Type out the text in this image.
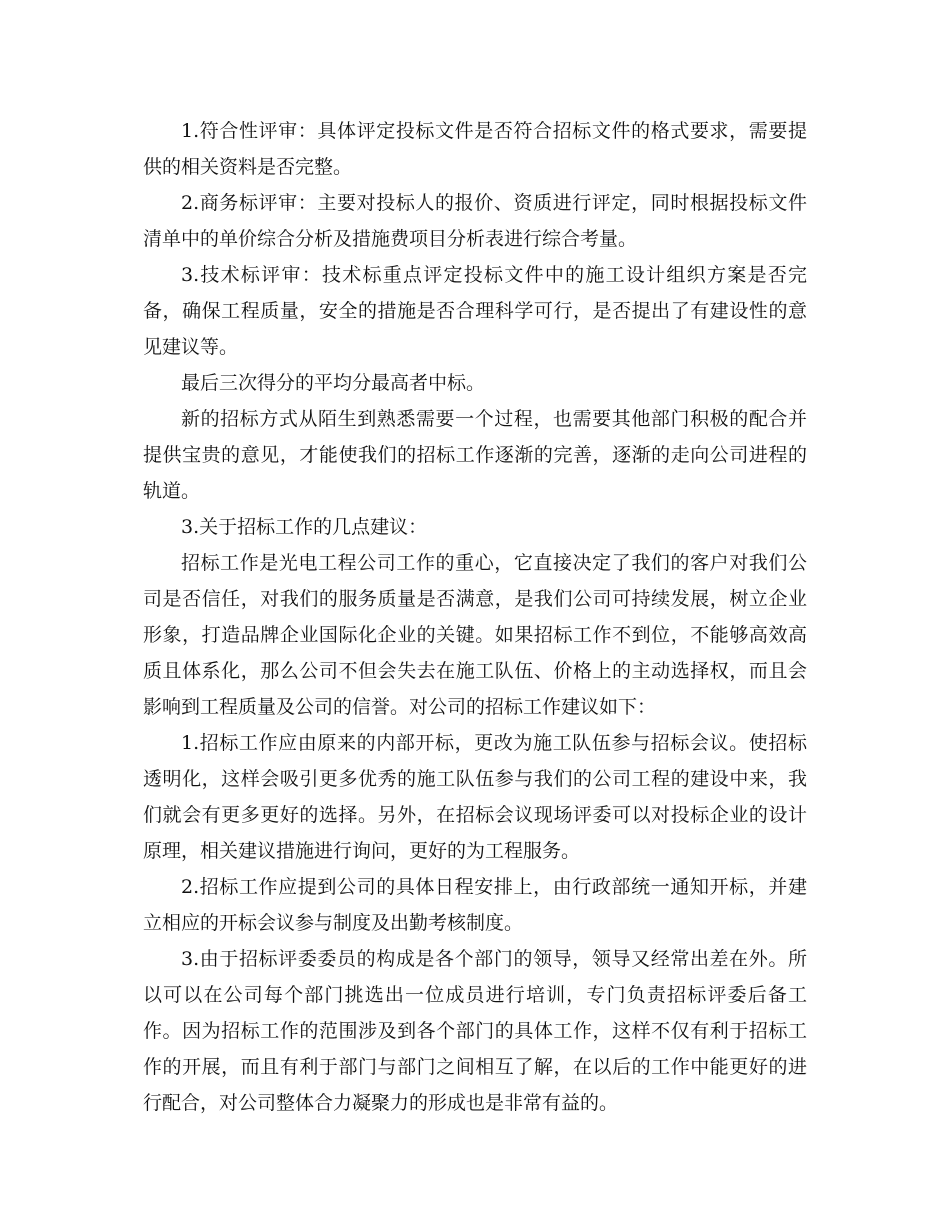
1.符合性评审：具体评定投标文件是否符合招标文件的格式要求，需要提供的相关资料是否完整。

2.商务标评审：主要对投标人的报价、资质进行评定，同时根据投标文件清单中的单价综合分析及措施费项目分析表进行综合考量。

3.技术标评审：技术标重点评定投标文件中的施工设计组织方案是否完备，确保工程质量，安全的措施是否合理科学可行，是否提出了有建设性的意见建议等。

最后三次得分的平均分最高者中标。

新的招标方式从陌生到熟悉需要一个过程，也需要其他部门积极的配合并提供宝贵的意见，才能使我们的招标工作逐渐的完善，逐渐的走向公司进程的轨道。

3.关于招标工作的几点建议：

招标工作是光电工程公司工作的重心，它直接决定了我们的客户对我们公司是否信任，对我们的服务质量是否满意，是我们公司可持续发展，树立企业形象，打造品牌企业国际化企业的关键。如果招标工作不到位，不能够高效高质且体系化，那么公司不但会失去在施工队伍、价格上的主动选择权，而且会影响到工程质量及公司的信誉。对公司的招标工作建议如下：

1.招标工作应由原来的内部开标，更改为施工队伍参与招标会议。使招标透明化，这样会吸引更多优秀的施工队伍参与我们的公司工程的建设中来，我们就会有更多更好的选择。另外，在招标会议现场评委可以对投标企业的设计原理，相关建议措施进行询问，更好的为工程服务。

2.招标工作应提到公司的具体日程安排上，由行政部统一通知开标，并建立相应的开标会议参与制度及出勤考核制度。

3.由于招标评委委员的构成是各个部门的领导，领导又经常出差在外。所以可以在公司每个部门挑选出一位成员进行培训，专门负责招标评委后备工作。因为招标工作的范围涉及到各个部门的具体工作，这样不仅有利于招标工作的开展，而且有利于部门与部门之间相互了解，在以后的工作中能更好的进行配合，对公司整体合力凝聚力的形成也是非常有益的。
